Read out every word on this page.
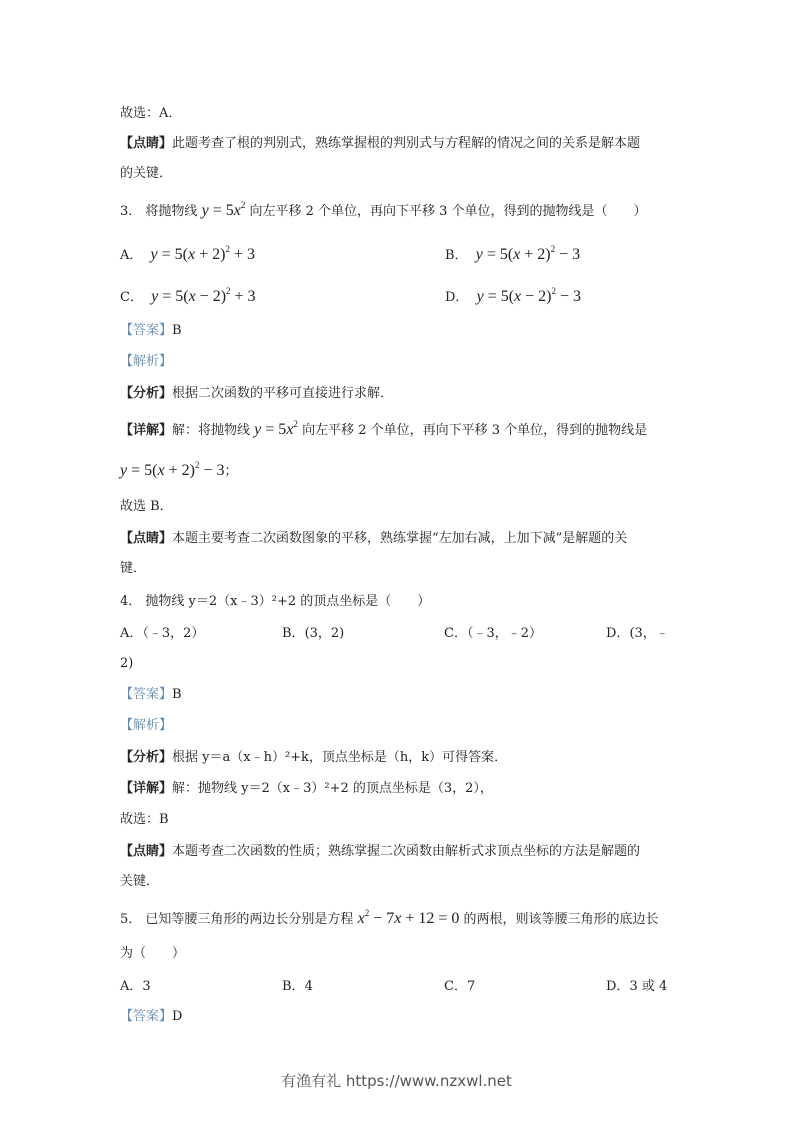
故选：A．
【点睛】此题考查了根的判别式，熟练掌握根的判别式与方程解的情况之间的关系是解本题
的关键．
3． 将抛物线 $y = 5x^2$ 向左平移 2 个单位，再向下平移 3 个单位，得到的抛物线是（　　）
A． $y = 5(x + 2)^2 + 3$	B． $y = 5(x + 2)^2 - 3$
C． $y = 5(x - 2)^2 + 3$	D． $y = 5(x - 2)^2 - 3$
【答案】B
【解析】
【分析】根据二次函数的平移可直接进行求解．
【详解】解：将抛物线 $y = 5x^2$ 向左平移 2 个单位，再向下平移 3 个单位，得到的抛物线是
$y = 5(x + 2)^2 - 3$；
故选 B．
【点睛】本题主要考查二次函数图象的平移，熟练掌握“左加右减，上加下减”是解题的关
键．
4． 抛物线 y＝2（x﹣3）²+2 的顶点坐标是（　　）
A．（﹣3，2）	B．(3，2)	C．（﹣3，﹣2）	D．(3，﹣
2)
【答案】B
【解析】
【分析】根据 y＝a（x﹣h）²+k，顶点坐标是（h，k）可得答案．
【详解】解：抛物线 y＝2（x﹣3）²+2 的顶点坐标是（3，2），
故选：B
【点睛】本题考查二次函数的性质；熟练掌握二次函数由解析式求顶点坐标的方法是解题的
关键．
5． 已知等腰三角形的两边长分别是方程 $x^2 - 7x + 12 = 0$ 的两根，则该等腰三角形的底边长
为（　　）
A．3	B．4	C．7	D．3 或 4
【答案】D
有渔有礼 https://www.nzxwl.net
